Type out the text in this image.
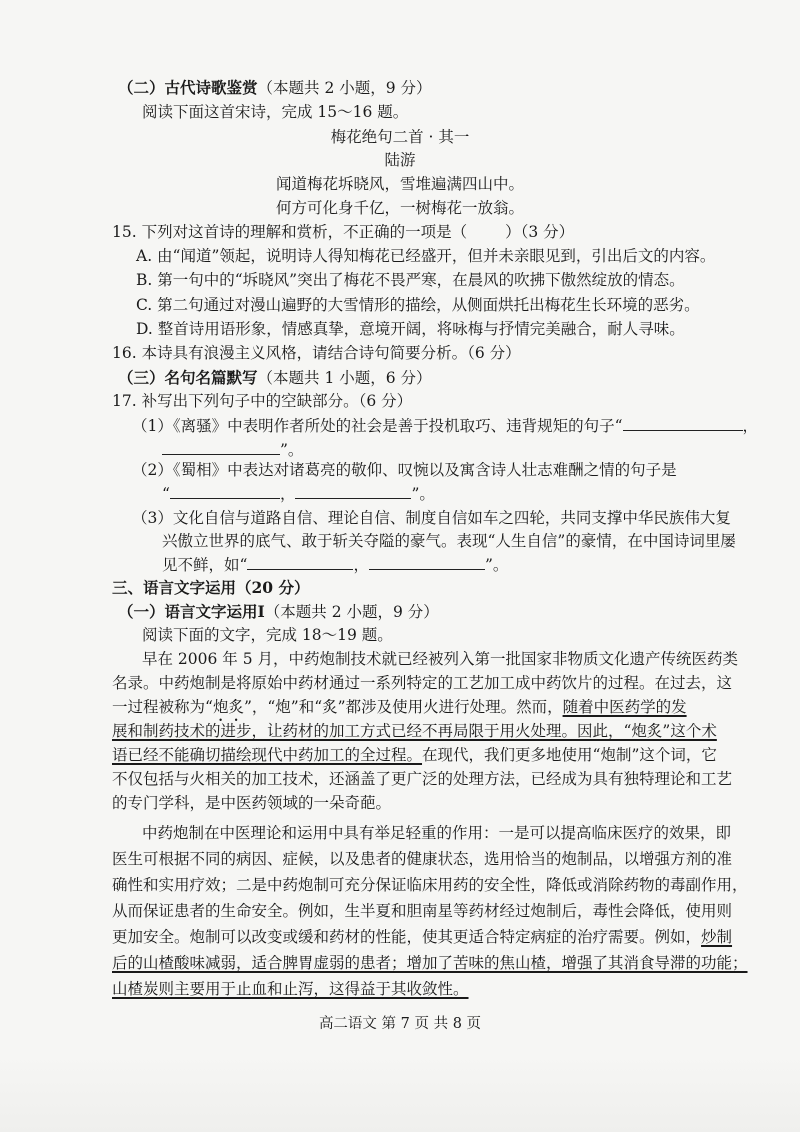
（二）古代诗歌鉴赏（本题共 2 小题，9 分）
阅读下面这首宋诗，完成 15～16 题。
梅花绝句二首 · 其一
陆游
闻道梅花坼晓风，雪堆遍满四山中。
何方可化身千亿，一树梅花一放翁。
15. 下列对这首诗的理解和赏析，不正确的一项是（ ）（3 分）
A. 由“闻道”领起，说明诗人得知梅花已经盛开，但并未亲眼见到，引出后文的内容。
B. 第一句中的“坼晓风”突出了梅花不畏严寒，在晨风的吹拂下傲然绽放的情态。
C. 第二句通过对漫山遍野的大雪情形的描绘，从侧面烘托出梅花生长环境的恶劣。
D. 整首诗用语形象，情感真挚，意境开阔，将咏梅与抒情完美融合，耐人寻味。
16. 本诗具有浪漫主义风格，请结合诗句简要分析。（6 分）
（三）名句名篇默写（本题共 1 小题，6 分）
17. 补写出下列句子中的空缺部分。（6 分）
（1）《离骚》中表明作者所处的社会是善于投机取巧、违背规矩的句子“	，
”。
（2）《蜀相》中表达对诸葛亮的敬仰、叹惋以及寓含诗人壮志难酬之情的句子是
“	，	”。
（3）文化自信与道路自信、理论自信、制度自信如车之四轮，共同支撑中华民族伟大复
兴傲立世界的底气、敢于斩关夺隘的豪气。表现“人生自信”的豪情，在中国诗词里屡
见不鲜，如“	，	”。
三、语言文字运用（20 分）
（一）语言文字运用Ⅰ（本题共 2 小题，9 分）
阅读下面的文字，完成 18～19 题。
早在 2006 年 5 月，中药炮制技术就已经被列入第一批国家非物质文化遗产传统医药类
名录。中药炮制是将原始中药材通过一系列特定的工艺加工成中药饮片的过程。在过去，这
一过程被称为“炮炙”，“炮”和“炙”都涉及使用火进行处理。然而，随着中医药学的发
展和制药技术的进步，让药材的加工方式已经不再局限于用火处理。因此，“炮炙”这个术
语已经不能确切描绘现代中药加工的全过程。在现代，我们更多地使用“炮制”这个词，它
不仅包括与火相关的加工技术，还涵盖了更广泛的处理方法，已经成为具有独特理论和工艺
的专门学科，是中医药领域的一朵奇葩。
中药炮制在中医理论和运用中具有举足轻重的作用：一是可以提高临床医疗的效果，即
医生可根据不同的病因、症候，以及患者的健康状态，选用恰当的炮制品，以增强方剂的准
确性和实用疗效；二是中药炮制可充分保证临床用药的安全性，降低或消除药物的毒副作用，
从而保证患者的生命安全。例如，生半夏和胆南星等药材经过炮制后，毒性会降低，使用则
更加安全。炮制可以改变或缓和药材的性能，使其更适合特定病症的治疗需要。例如，炒制
后的山楂酸味减弱，适合脾胃虚弱的患者；增加了苦味的焦山楂，增强了其消食导滞的功能；
山楂炭则主要用于止血和止泻，这得益于其收敛性。
高二语文 第 7 页 共 8 页
